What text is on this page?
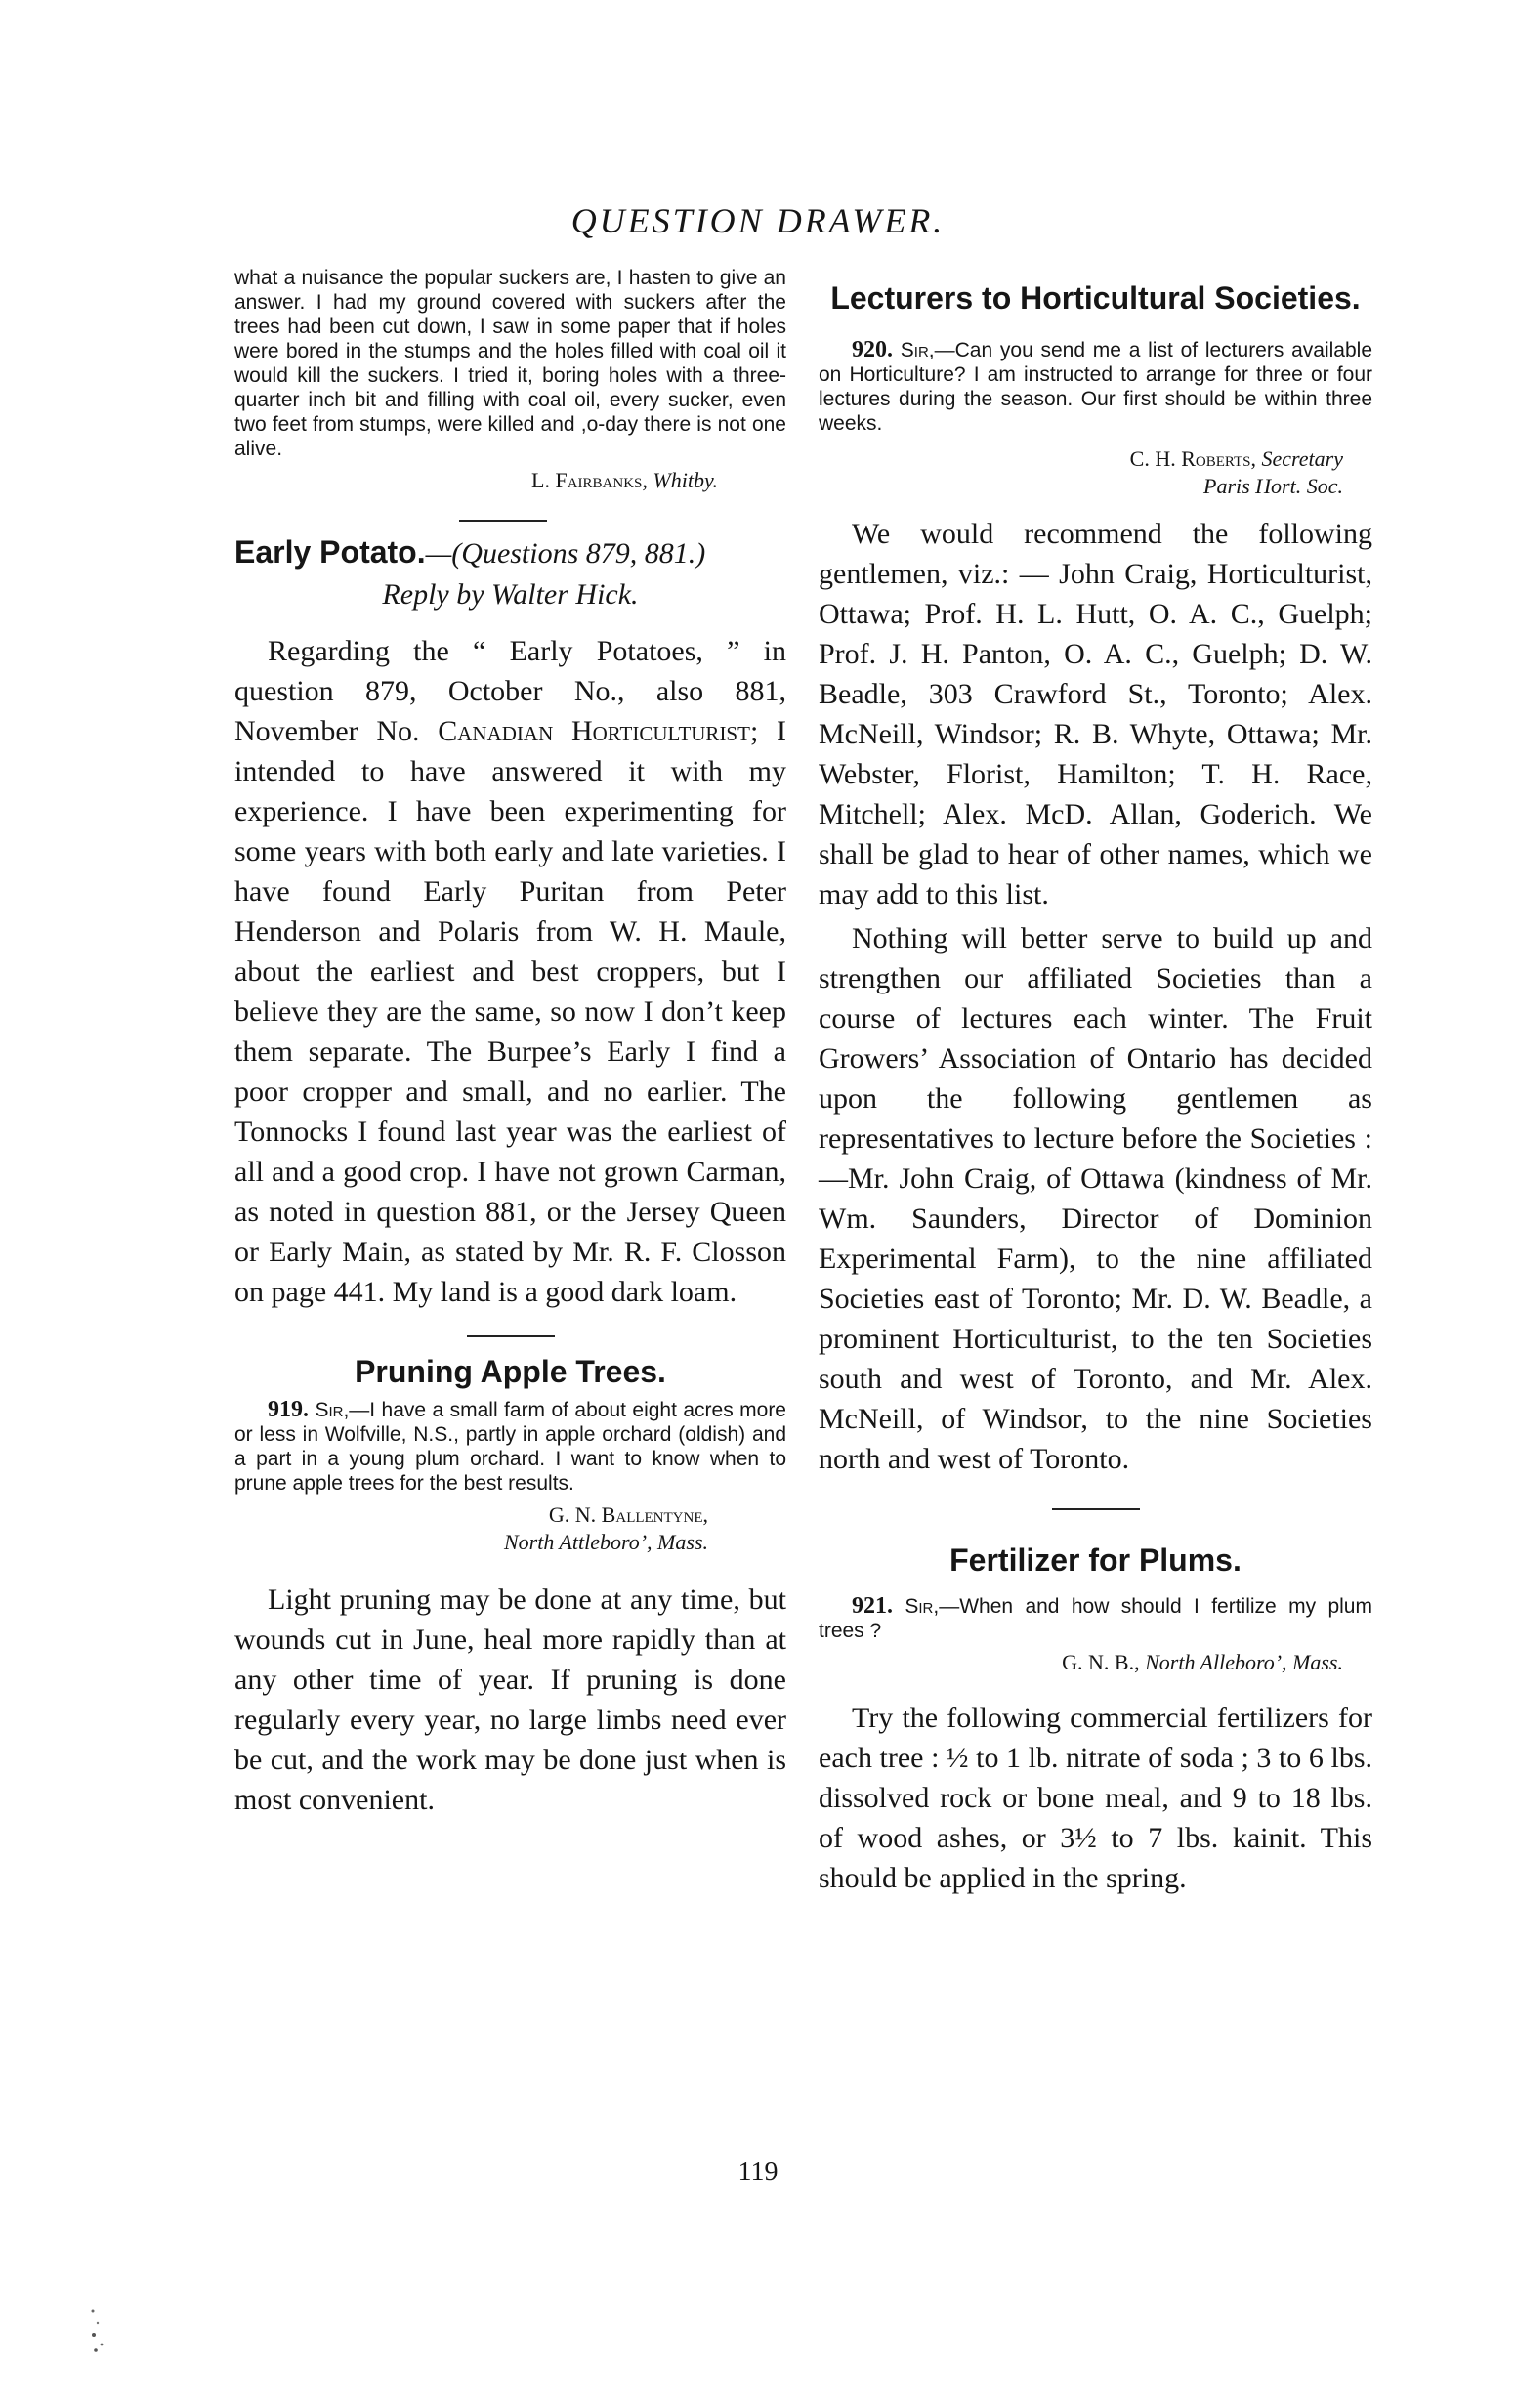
QUESTION DRAWER.

what a nuisance the popular suckers are, I hasten to give an answer. I had my ground covered with suckers after the trees had been cut down, I saw in some paper that if holes were bored in the stumps and the holes filled with coal oil it would kill the suckers. I tried it, boring holes with a three-quarter inch bit and filling with coal oil, every sucker, even two feet from stumps, were killed and ,o-day there is not one alive.

L. Fairbanks, Whitby.

Early Potato.—(Questions 879, 881.)

Reply by Walter Hick.

Regarding the “ Early Potatoes, ” in question 879, October No., also 881, November No. Canadian Horticulturist; I intended to have answered it with my experience. I have been experimenting for some years with both early and late varieties. I have found Early Puritan from Peter Henderson and Polaris from W. H. Maule, about the earliest and best croppers, but I believe they are the same, so now I don’t keep them separate. The Burpee’s Early I find a poor cropper and small, and no earlier. The Tonnocks I found last year was the earliest of all and a good crop. I have not grown Carman, as noted in question 881, or the Jersey Queen or Early Main, as stated by Mr. R. F. Closson on page 441. My land is a good dark loam.

Pruning Apple Trees.

919. Sir,—I have a small farm of about eight acres more or less in Wolfville, N.S., partly in apple orchard (oldish) and a part in a young plum orchard. I want to know when to prune apple trees for the best results.

G. N. Ballentyne,
North Attleboro’, Mass.

Light pruning may be done at any time, but wounds cut in June, heal more rapidly than at any other time of year. If pruning is done regularly every year, no large limbs need ever be cut, and the work may be done just when is most convenient.

Lecturers to Horticultural Societies.

920. Sir,—Can you send me a list of lecturers available on Horticulture? I am instructed to arrange for three or four lectures during the season. Our first should be within three weeks.

C. H. Roberts, Secretary
Paris Hort. Soc.

We would recommend the following gentlemen, viz.: — John Craig, Horticulturist, Ottawa; Prof. H. L. Hutt, O. A. C., Guelph; Prof. J. H. Panton, O. A. C., Guelph; D. W. Beadle, 303 Crawford St., Toronto; Alex. McNeill, Windsor; R. B. Whyte, Ottawa; Mr. Webster, Florist, Hamilton; T. H. Race, Mitchell; Alex. McD. Allan, Goderich. We shall be glad to hear of other names, which we may add to this list.

Nothing will better serve to build up and strengthen our affiliated Societies than a course of lectures each winter. The Fruit Growers’ Association of Ontario has decided upon the following gentlemen as representatives to lecture before the Societies :—Mr. John Craig, of Ottawa (kindness of Mr. Wm. Saunders, Director of Dominion Experimental Farm), to the nine affiliated Societies east of Toronto; Mr. D. W. Beadle, a prominent Horticulturist, to the ten Societies south and west of Toronto, and Mr. Alex. McNeill, of Windsor, to the nine Societies north and west of Toronto.

Fertilizer for Plums.

921. Sir,—When and how should I fertilize my plum trees ?

G. N. B., North Alleboro’, Mass.

Try the following commercial fertilizers for each tree : ½ to 1 lb. nitrate of soda ; 3 to 6 lbs. dissolved rock or bone meal, and 9 to 18 lbs. of wood ashes, or 3½ to 7 lbs. kainit. This should be applied in the spring.

119
